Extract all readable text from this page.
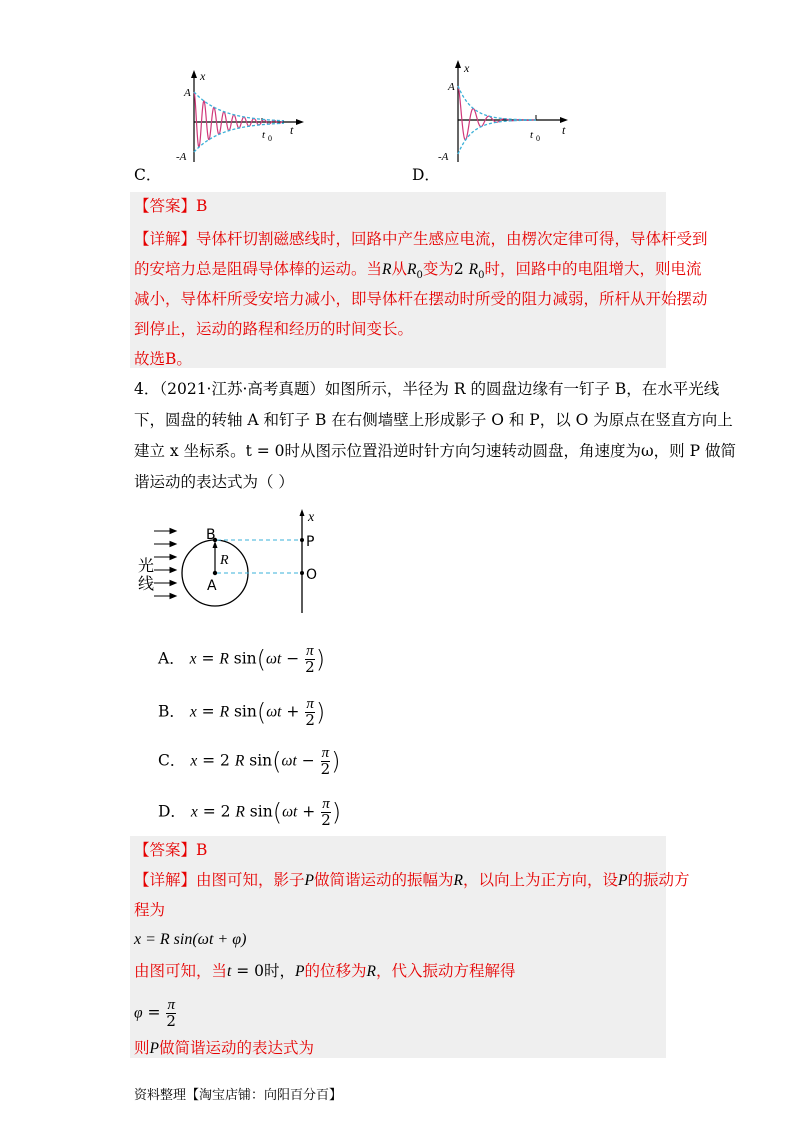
x
A
-A
t
t 0
C．
x
A
-A
t
t 0
D．
【答案】B
【详解】导体杆切割磁感线时，回路中产生感应电流，由楞次定律可得，导体杆受到
的安培力总是阻碍导体棒的运动。当R从$R_0$变为2 $R_0$时，回路中的电阻增大，则电流
减小，导体杆所受安培力减小，即导体杆在摆动时所受的阻力减弱，所杆从开始摆动
到停止，运动的路程和经历的时间变长。
故选B。
4．（2021·江苏·高考真题）如图所示，半径为 R 的圆盘边缘有一钉子 B，在水平光线
下，圆盘的转轴 A 和钉子 B 在右侧墙壁上形成影子 O 和 P，以 O 为原点在竖直方向上
建立 x 坐标系。t = 0时从图示位置沿逆时针方向匀速转动圆盘，角速度为ω，则 P 做简
谐运动的表达式为（ ）
光
线
B
R
A
P
O
x
A． x = R $\sin(\omega t - \frac{\pi}{2}$ )
B． x = R $\sin(\omega t + \frac{\pi}{2}$ )
C． x = 2 R $\sin(\omega t - \frac{\pi}{2}$ )
D． x = 2 R $\sin(\omega t + \frac{\pi}{2}$ )
【答案】B
【详解】由图可知，影子P做简谐运动的振幅为R，以向上为正方向，设P的振动方
程为
x = R sin(ωt + φ)
由图可知，当t = 0时，P的位移为R，代入振动方程解得
$\varphi = \frac{\pi}{2}$
则P做简谐运动的表达式为
资料整理【淘宝店铺：向阳百分百】
